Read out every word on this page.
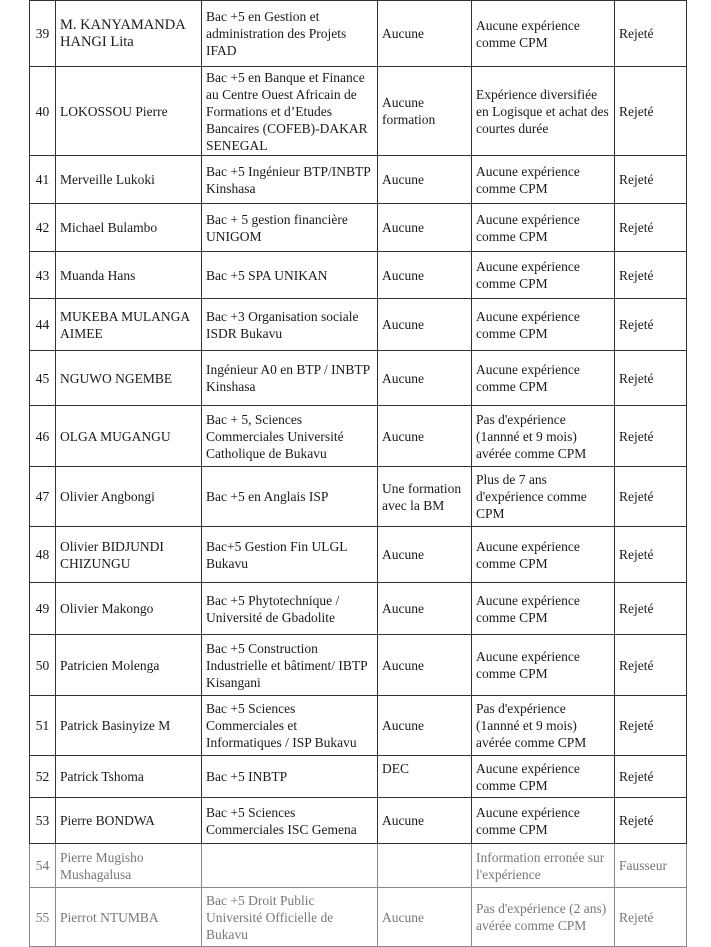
39	M. KANYAMANDA HANGI Lita	Bac +5 en Gestion et administration des Projets IFAD	Aucune	Aucune expérience comme CPM	Rejeté
40	LOKOSSOU Pierre	Bac +5 en Banque et Finance au Centre Ouest Africain de Formations et d’Etudes Bancaires (COFEB)-DAKAR SENEGAL	Aucune formation	Expérience diversifiée en Logisque et achat des courtes durée	Rejeté
41	Merveille Lukoki	Bac +5 Ingénieur BTP/INBTP Kinshasa	Aucune	Aucune expérience comme CPM	Rejeté
42	Michael Bulambo	Bac + 5 gestion financière UNIGOM	Aucune	Aucune expérience comme CPM	Rejeté
43	Muanda Hans	Bac +5 SPA UNIKAN	Aucune	Aucune expérience comme CPM	Rejeté
44	MUKEBA MULANGA AIMEE	Bac +3 Organisation sociale ISDR Bukavu	Aucune	Aucune expérience comme CPM	Rejeté
45	NGUWO NGEMBE	Ingénieur A0 en BTP / INBTP Kinshasa	Aucune	Aucune expérience comme CPM	Rejeté
46	OLGA MUGANGU	Bac + 5, Sciences Commerciales Université Catholique de Bukavu	Aucune	Pas d'expérience (1annné et 9 mois) avérée comme CPM	Rejeté
47	Olivier Angbongi	Bac +5 en Anglais ISP	Une formation avec la BM	Plus de 7 ans d'expérience comme CPM	Rejeté
48	Olivier BIDJUNDI CHIZUNGU	Bac+5 Gestion Fin ULGL Bukavu	Aucune	Aucune expérience comme CPM	Rejeté
49	Olivier Makongo	Bac +5 Phytotechnique / Université de Gbadolite	Aucune	Aucune expérience comme CPM	Rejeté
50	Patricien Molenga	Bac +5 Construction Industrielle et bâtiment/ IBTP Kisangani	Aucune	Aucune expérience comme CPM	Rejeté
51	Patrick Basinyize M	Bac +5 Sciences Commerciales et Informatiques / ISP Bukavu	Aucune	Pas d'expérience (1annné et 9 mois) avérée comme CPM	Rejeté
52	Patrick Tshoma	Bac +5 INBTP	DEC	Aucune expérience comme CPM	Rejeté
53	Pierre BONDWA	Bac +5 Sciences Commerciales ISC Gemena	Aucune	Aucune expérience comme CPM	Rejeté
54	Pierre Mugisho Mushagalusa			Information erronée sur l'expérience	Fausseur
55	Pierrot NTUMBA	Bac +5 Droit Public Université Officielle de Bukavu	Aucune	Pas d'expérience (2 ans) avérée comme CPM	Rejeté
